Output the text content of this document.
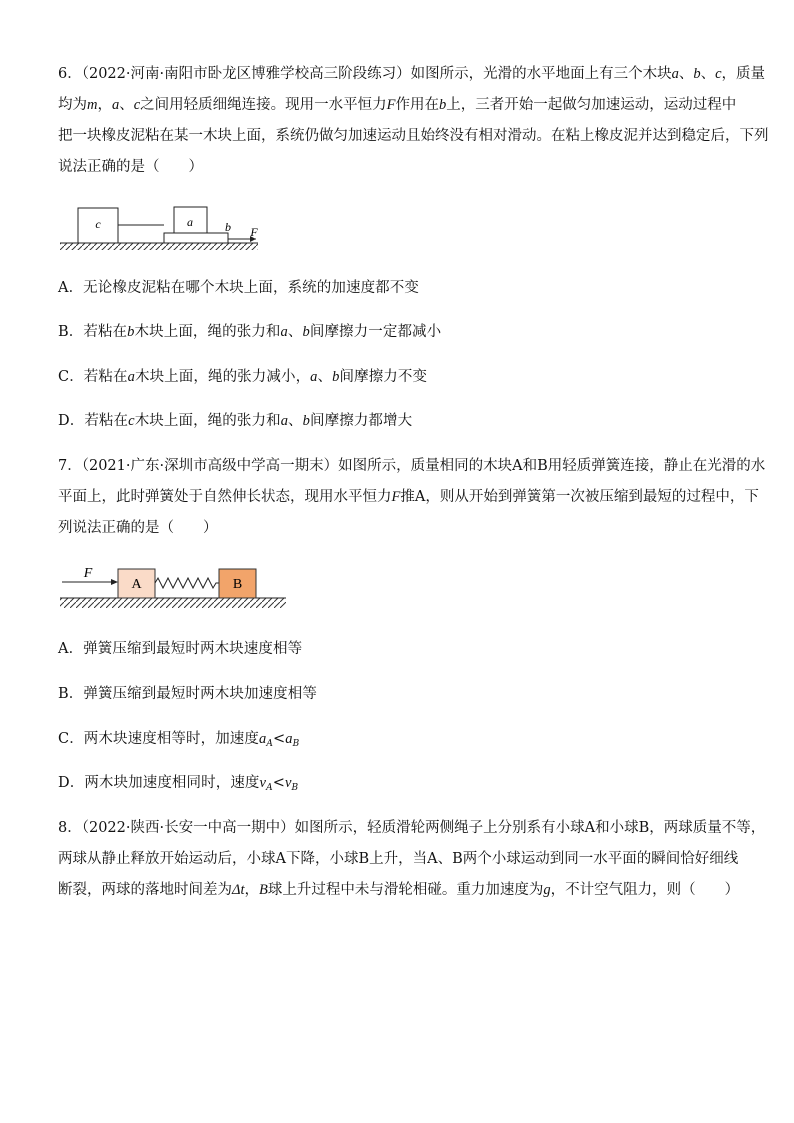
6．（2022·河南·南阳市卧龙区博雅学校高三阶段练习）如图所示，光滑的水平地面上有三个木块a、b、c，质量
均为m，a、c之间用轻质细绳连接。现用一水平恒力F作用在b上，三者开始一起做匀加速运动，运动过程中
把一块橡皮泥粘在某一木块上面，系统仍做匀加速运动且始终没有相对滑动。在粘上橡皮泥并达到稳定后，下列
说法正确的是（　　）
c	a	b F
A．无论橡皮泥粘在哪个木块上面，系统的加速度都不变
B．若粘在b木块上面，绳的张力和a、b间摩擦力一定都减小
C．若粘在a木块上面，绳的张力减小，a、b间摩擦力不变
D．若粘在c木块上面，绳的张力和a、b间摩擦力都增大
7．（2021·广东·深圳市高级中学高一期末）如图所示，质量相同的木块A和B用轻质弹簧连接，静止在光滑的水
平面上，此时弹簧处于自然伸长状态，现用水平恒力F推A，则从开始到弹簧第一次被压缩到最短的过程中，下
列说法正确的是（　　）
F
A	B
A．弹簧压缩到最短时两木块速度相等
B．弹簧压缩到最短时两木块加速度相等
C．两木块速度相等时，加速度$a_A<a_B$
D．两木块加速度相同时，速度$v_A<v_B$
8．（2022·陕西·长安一中高一期中）如图所示，轻质滑轮两侧绳子上分别系有小球A和小球B，两球质量不等，
两球从静止释放开始运动后，小球A下降，小球B上升，当A、B两个小球运动到同一水平面的瞬间恰好细线
断裂，两球的落地时间差为Δt，B球上升过程中未与滑轮相碰。重力加速度为g，不计空气阻力，则（　　）
